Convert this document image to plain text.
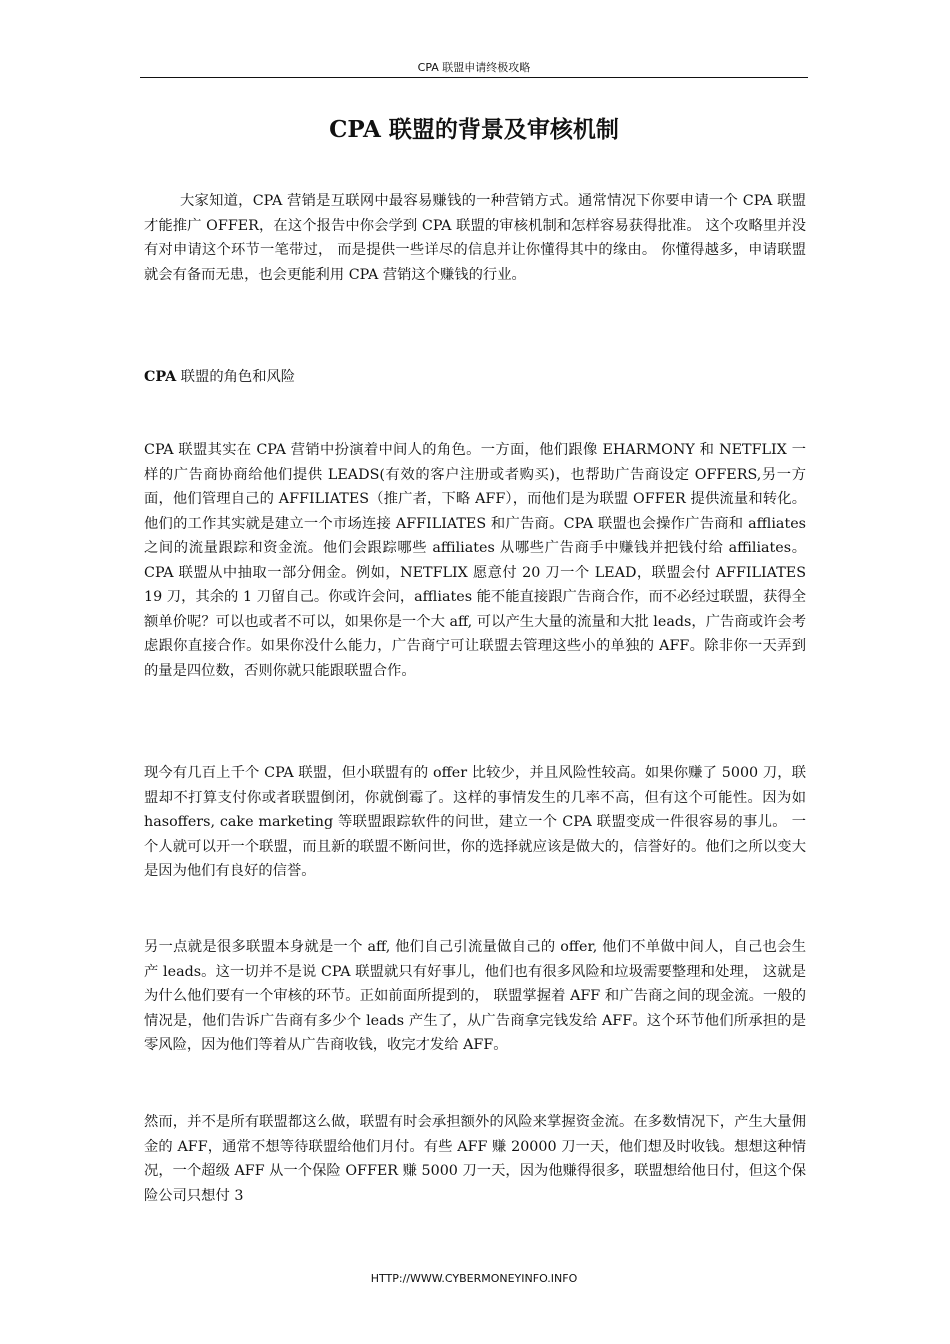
CPA 联盟申请终极攻略
CPA 联盟的背景及审核机制

大家知道，CPA 营销是互联网中最容易赚钱的一种营销方式。通常情况下你要申请一个 CPA 联盟才能推广 OFFER，在这个报告中你会学到 CPA 联盟的审核机制和怎样容易获得批准。 这个攻略里并没有对申请这个环节一笔带过， 而是提供一些详尽的信息并让你懂得其中的缘由。 你懂得越多，申请联盟就会有备而无患，也会更能利用 CPA 营销这个赚钱的行业。

CPA 联盟的角色和风险

CPA 联盟其实在 CPA 营销中扮演着中间人的角色。一方面，他们跟像 EHARMONY 和 NETFLIX 一样的广告商协商给他们提供 LEADS(有效的客户注册或者购买)，也帮助广告商设定 OFFERS,另一方面，他们管理自己的 AFFILIATES（推广者，下略 AFF），而他们是为联盟 OFFER 提供流量和转化。他们的工作其实就是建立一个市场连接 AFFILIATES 和广告商。CPA 联盟也会操作广告商和 affliates 之间的流量跟踪和资金流。他们会跟踪哪些 affiliates 从哪些广告商手中赚钱并把钱付给 affiliates。CPA 联盟从中抽取一部分佣金。例如，NETFLIX 愿意付 20 刀一个 LEAD，联盟会付 AFFILIATES 19 刀，其余的 1 刀留自己。你或许会问，affliates 能不能直接跟广告商合作，而不必经过联盟，获得全额单价呢？可以也或者不可以，如果你是一个大 aff, 可以产生大量的流量和大批 leads，广告商或许会考虑跟你直接合作。如果你没什么能力，广告商宁可让联盟去管理这些小的单独的 AFF。除非你一天弄到的量是四位数，否则你就只能跟联盟合作。

现今有几百上千个 CPA 联盟，但小联盟有的 offer 比较少，并且风险性较高。如果你赚了 5000 刀，联盟却不打算支付你或者联盟倒闭，你就倒霉了。这样的事情发生的几率不高，但有这个可能性。因为如 hasoffers, cake marketing 等联盟跟踪软件的问世，建立一个 CPA 联盟变成一件很容易的事儿。 一个人就可以开一个联盟，而且新的联盟不断问世，你的选择就应该是做大的，信誉好的。他们之所以变大是因为他们有良好的信誉。

另一点就是很多联盟本身就是一个 aff, 他们自己引流量做自己的 offer, 他们不单做中间人，自己也会生产 leads。这一切并不是说 CPA 联盟就只有好事儿，他们也有很多风险和垃圾需要整理和处理， 这就是为什么他们要有一个审核的环节。正如前面所提到的， 联盟掌握着 AFF 和广告商之间的现金流。一般的情况是，他们告诉广告商有多少个 leads 产生了，从广告商拿完钱发给 AFF。这个环节他们所承担的是零风险，因为他们等着从广告商收钱，收完才发给 AFF。

然而，并不是所有联盟都这么做，联盟有时会承担额外的风险来掌握资金流。在多数情况下，产生大量佣金的 AFF，通常不想等待联盟给他们月付。有些 AFF 赚 20000 刀一天，他们想及时收钱。想想这种情况，一个超级 AFF 从一个保险 OFFER 赚 5000 刀一天，因为他赚得很多，联盟想给他日付，但这个保险公司只想付 3

HTTP://WWW.CYBERMONEYINFO.INFO
